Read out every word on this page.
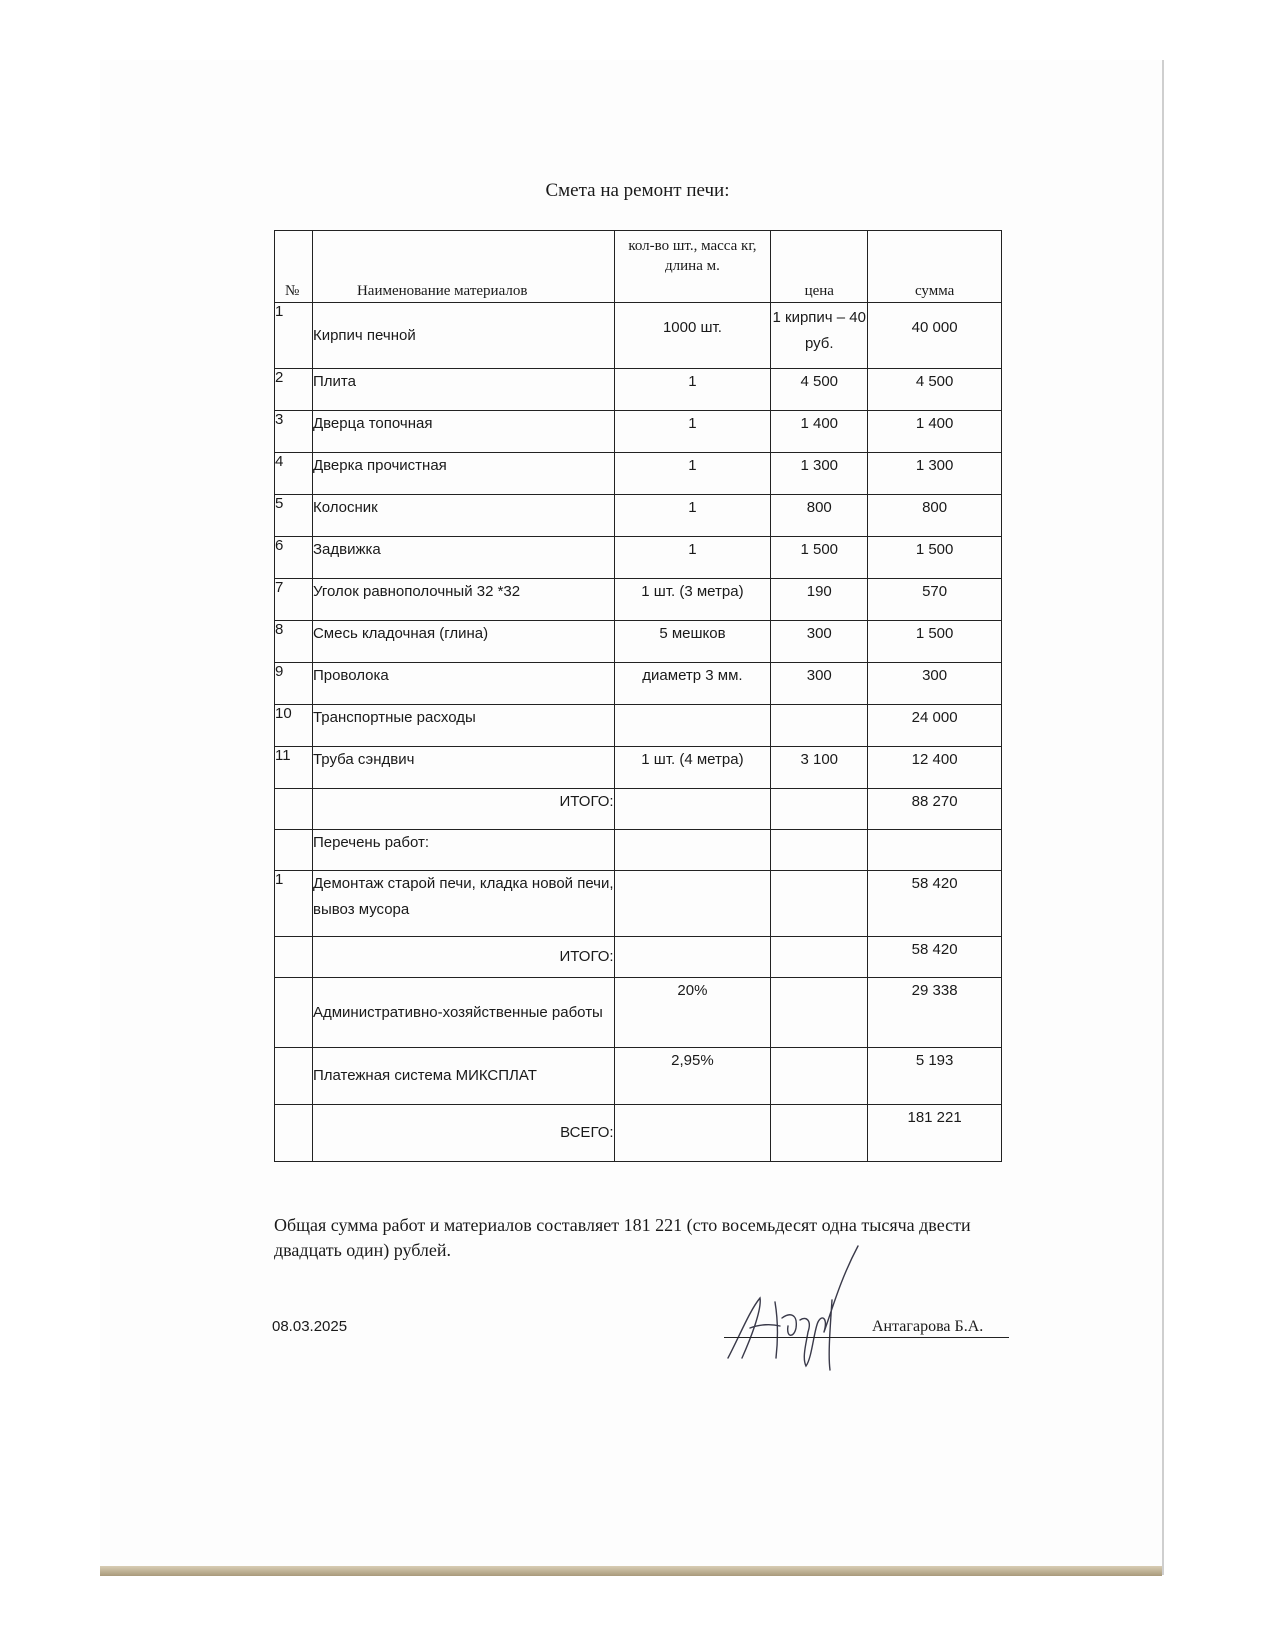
Смета на ремонт печи:
№	Наименование материалов	кол-во шт., масса кг, длина м.	цена	сумма
1	Кирпич печной	1000 шт.	1 кирпич – 40 руб.	40 000
2	Плита	1	4 500	4 500
3	Дверца топочная	1	1 400	1 400
4	Дверка прочистная	1	1 300	1 300
5	Колосник	1	800	800
6	Задвижка	1	1 500	1 500
7	Уголок равнополочный 32 *32	1 шт. (3 метра)	190	570
8	Смесь кладочная (глина)	5 мешков	300	1 500
9	Проволока	диаметр 3 мм.	300	300
10	Транспортные расходы			24 000
11	Труба сэндвич	1 шт. (4 метра)	3 100	12 400
	ИТОГО:			88 270
	Перечень работ:			
1	Демонтаж старой печи, кладка новой печи, вывоз мусора			58 420
	ИТОГО:			58 420
	Административно-хозяйственные работы	20%		29 338
	Платежная система МИКСПЛАТ	2,95%		5 193
	ВСЕГО:			181 221
Общая сумма работ и материалов составляет 181 221 (сто восемьдесят одна тысяча двести двадцать один) рублей.
08.03.2025	Антагарова Б.А.
